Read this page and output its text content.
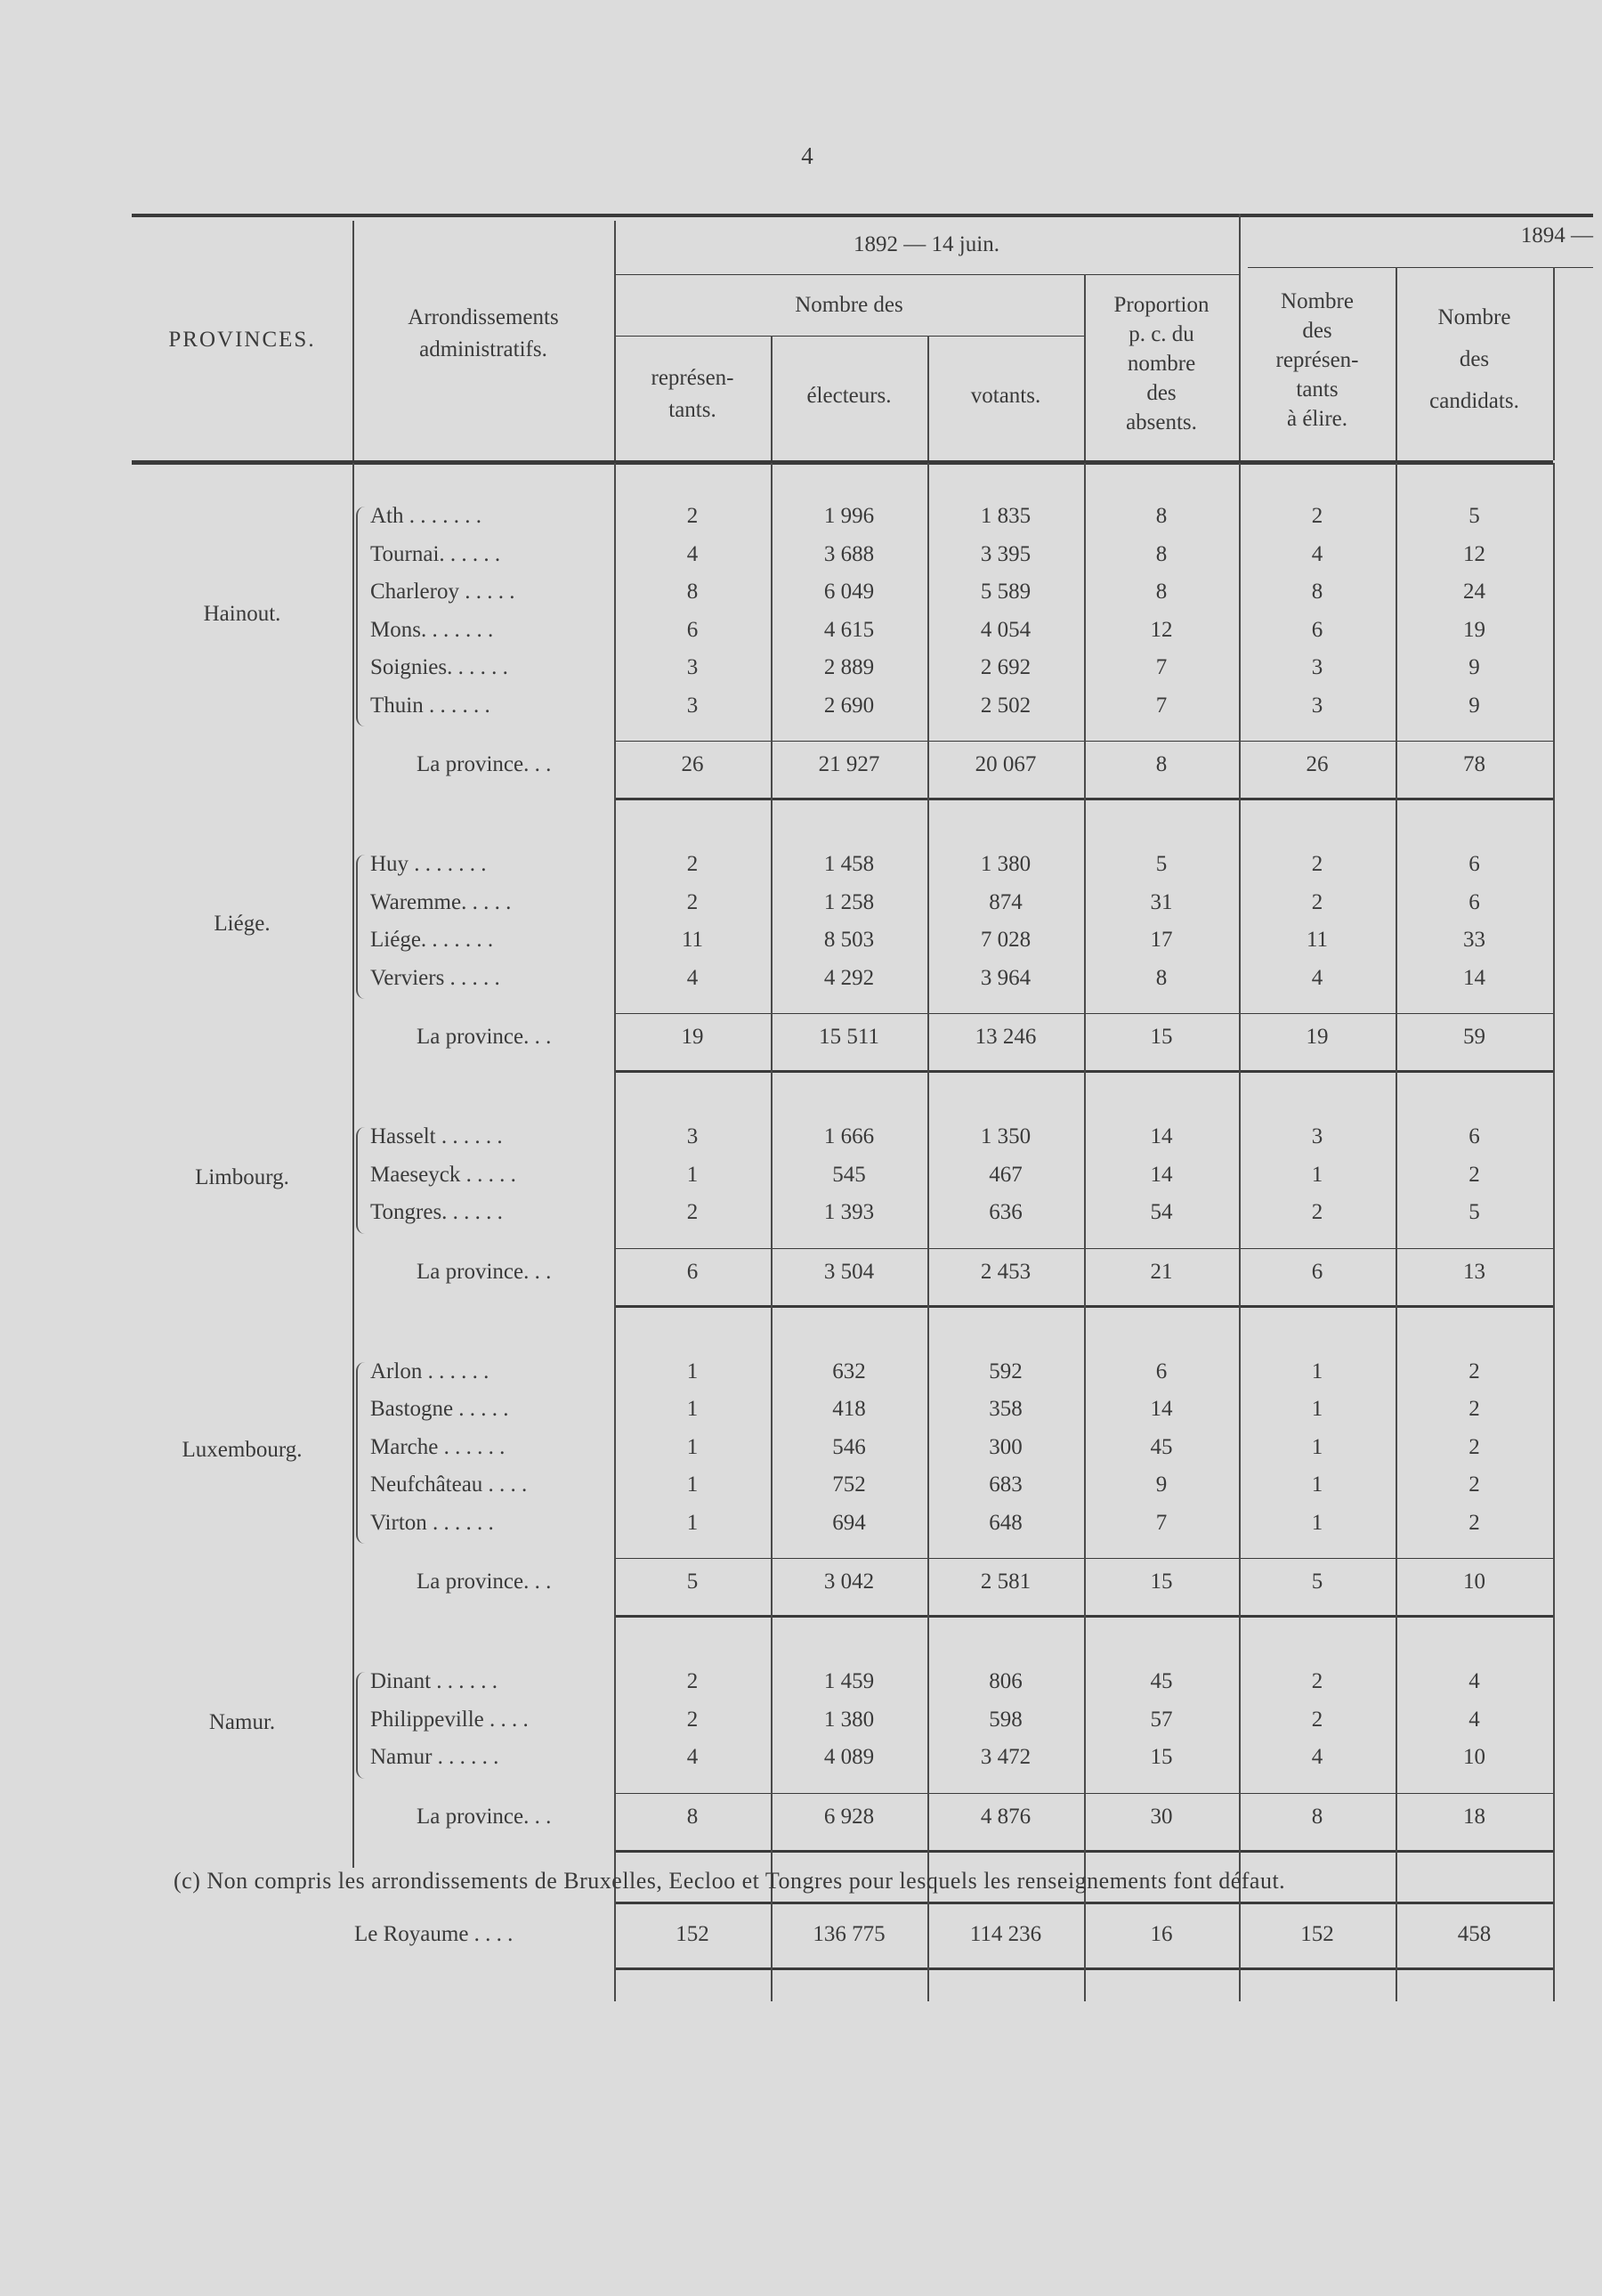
4
PROVINCES.
Arrondissements
administratifs.
1892 — 14 juin.	1894 —
Nombre des
représen-
tants.
électeurs.	votants.
Proportion
p. c. du
nombre
des
absents.
Nombre
des
représen-
tants
à élire.
Nombre
des
candidats.
Ath . . . . . . .	2	1 996	1 835	8	2	5
Tournai. . . . . .	4	3 688	3 395	8	4	12
Charleroy . . . . .	8	6 049	5 589	8	8	24
Mons. . . . . . .	6	4 615	4 054	12	6	19
Soignies. . . . . .	3	2 889	2 692	7	3	9
Thuin . . . . . .	3	2 690	2 502	7	3	9
Hainout.
La province. . .	26	21 927	20 067	8	26	78
Huy . . . . . . .	2	1 458	1 380	5	2	6
Waremme. . . . .	2	1 258	874	31	2	6
Liége. . . . . . .	11	8 503	7 028	17	11	33
Verviers . . . . .	4	4 292	3 964	8	4	14
Liége.
La province. . .	19	15 511	13 246	15	19	59
Hasselt . . . . . .	3	1 666	1 350	14	3	6
Maeseyck . . . . .	1	545	467	14	1	2
Tongres. . . . . .	2	1 393	636	54	2	5
Limbourg.
La province. . .	6	3 504	2 453	21	6	13
Arlon . . . . . .	1	632	592	6	1	2
Bastogne . . . . .	1	418	358	14	1	2
Marche . . . . . .	1	546	300	45	1	2
Neufchâteau . . . .	1	752	683	9	1	2
Virton . . . . . .	1	694	648	7	1	2
Luxembourg.
La province. . .	5	3 042	2 581	15	5	10
Dinant . . . . . .	2	1 459	806	45	2	4
Philippeville . . . .	2	1 380	598	57	2	4
Namur . . . . . .	4	4 089	3 472	15	4	10
Namur.
La province. . .	8	6 928	4 876	30	8	18
Le Royaume . . . .	152	136 775	114 236	16	152	458
(c) Non compris les arrondissements de Bruxelles, Eecloo et Tongres pour lesquels les renseignements font défaut.
